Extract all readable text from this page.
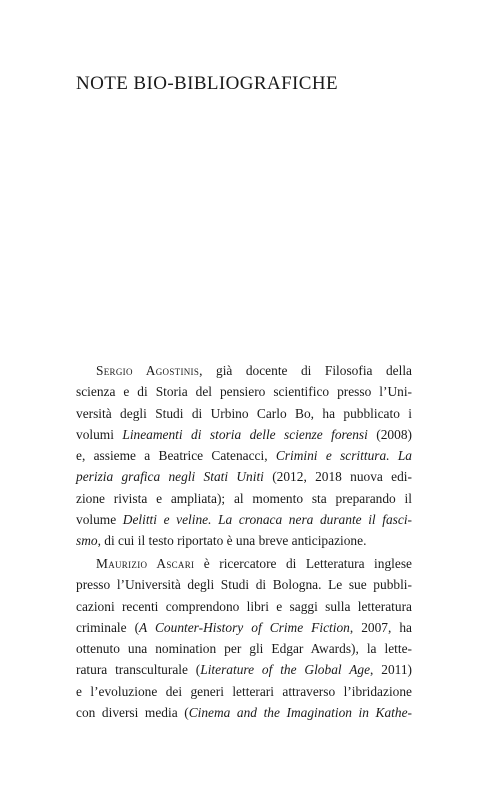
NOTE BIO-BIBLIOGRAFICHE
Sergio Agostinis, già docente di Filosofia della
scienza e di Storia del pensiero scientifico presso l’Uni-
versità degli Studi di Urbino Carlo Bo, ha pubblicato i
volumi Lineamenti di storia delle scienze forensi (2008)
e, assieme a Beatrice Catenacci, Crimini e scrittura. La
perizia grafica negli Stati Uniti (2012, 2018 nuova edi-
zione rivista e ampliata); al momento sta preparando il
volume Delitti e veline. La cronaca nera durante il fasci-
smo, di cui il testo riportato è una breve anticipazione.
Maurizio Ascari è ricercatore di Letteratura inglese
presso l’Università degli Studi di Bologna. Le sue pubbli-
cazioni recenti comprendono libri e saggi sulla letteratura
criminale (A Counter-History of Crime Fiction, 2007, ha
ottenuto una nomination per gli Edgar Awards), la lette-
ratura transculturale (Literature of the Global Age, 2011)
e l’evoluzione dei generi letterari attraverso l’ibridazione
con diversi media (Cinema and the Imagination in Kathe-
